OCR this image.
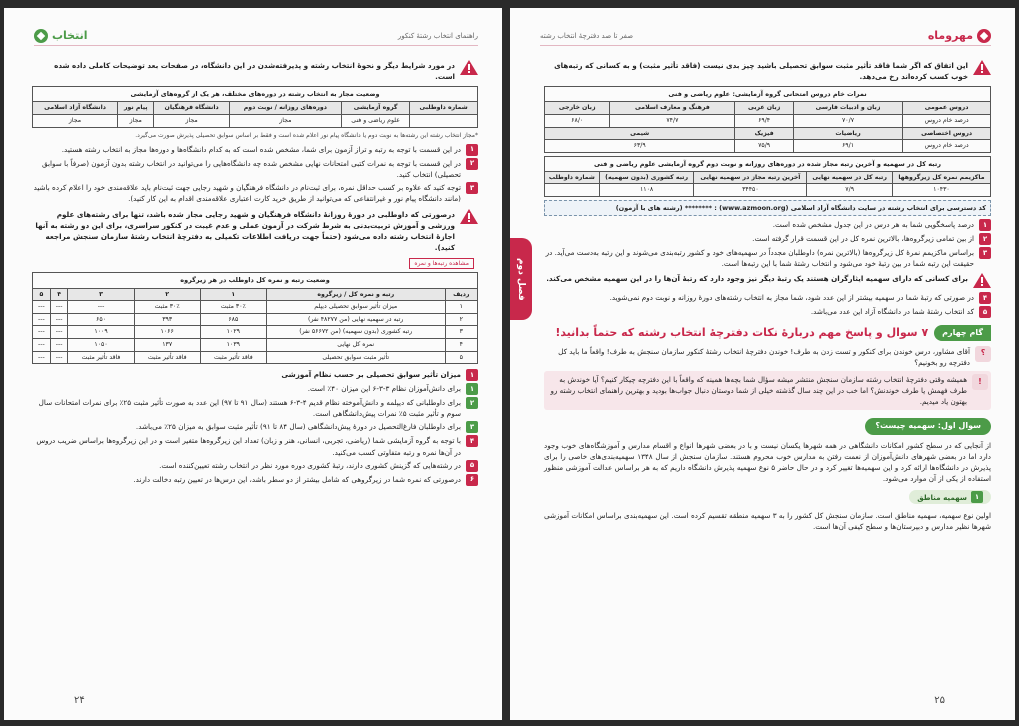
راهنمای انتخاب رشتۀ کنکور
انتخاب
در مورد شرایط دیگر و نحوۀ انتخاب رشته و پذیرفته‌شدن در این دانشگاه، در صفحات بعد توضیحات کاملی داده شده است.
وضعیت مجاز به انتخاب رشته در دوره‌های مختلف، هر یک از گروه‌های آزمایشی					
شماره داوطلبی	گروه آزمایشی	دوره‌های روزانه / نوبت دوم	دانشگاه فرهنگیان	پیام نور	دانشگاه آزاد اسلامی
	علوم ریاضی و فنی	مجاز	مجاز	مجاز	مجاز
*مجاز انتخاب رشته این رشته‌ها به نوبت دوم یا دانشگاه پیام نور اعلام شده است و فقط بر اساس سوابق تحصیلی پذیرش صورت می‌گیرد.
۱
در این قسمت با توجه به رتبه و تراز آزمون برای شما، مشخص شده است که به کدام دانشگاه‌ها و دوره‌ها مجاز به انتخاب رشته هستید.
۲
در این قسمت با توجه به نمرات کتبی امتحانات نهایی مشخص شده چه دانشگاه‌هایی را می‌توانید در انتخاب رشته بدون آزمون (صرفاً با سوابق تحصیلی) انتخاب کنید.
۳
توجه کنید که علاوه بر کسب حداقل نمره، برای ثبت‌نام در دانشگاه فرهنگیان و شهید رجایی جهت ثبت‌نام باید علاقه‌مندی خود را اعلام کرده باشید (مانند دانشگاه پیام نور و غیرانتفاعی که می‌توانید از طریق خرید کارت اعتباری علاقه‌مندی اقدام به این کار کنید).
درصورتی که داوطلبی در دورۀ روزانۀ دانشگاه فرهنگیان و شهید رجایی مجاز شده باشد، تنها برای رشته‌های علوم ورزشی و آموزش تربیت‌بدنی به شرط شرکت در آزمون عملی و عدم غیبت در کنکور سراسری، برای این دو رشته به آنها اجازۀ انتخاب رشته داده می‌شود (حتماً جهت دریافت اطلاعات تکمیلی به دفترچۀ انتخاب رشتۀ سازمان سنجش مراجعه کنید).
مشاهده رتبه‌ها و نمره
وضعیت رتبه و نمره کل داوطلب در هر زیرگروه						
ردیف	رتبه و نمره کل / زیرگروه	۱	۲	۳	۴	۵
۱	میزان تأثیر سوابق تحصیلی دیپلم	۳۰٪ مثبت	۳۰٪ مثبت	---	---	---
۲	رتبه در سهمیه نهایی (من ۴۸۲۷۷ نفر)	۶۸۵	۳۹۳	۶۵۰	---	---
۳	رتبه کشوری (بدون سهمیه) (من ۵۶۶۷۲ نفر)	۱۰۲۹	۱۰۶۶	۱۰۰۹	---	---
۴	نمره کل نهایی	۱۰۳۹	۱۳۷	۱۰۵۰	---	---
۵	تأثیر مثبت سوابق تحصیلی	فاقد تأثیر مثبت	فاقد تأثیر مثبت	فاقد تأثیر مثبت	---	---
۱
میزان تأثیر سوابق تحصیلی بر حسب نظام آموزشی
۱
برای دانش‌آموزان نظام ۳-۳-۶ این میزان ۴۰٪ است.
۲
برای داوطلبانی که دیپلمه و دانش‌آموخته نظام قدیم ۴-۳-۶ هستند (سال ۹۱ تا ۹۷) این عدد به صورت تأثیر مثبت ۲۵٪ برای نمرات امتحانات سال سوم و تأثیر مثبت ۵٪ نمرات پیش‌دانشگاهی است.
۳
برای داوطلبان فارغ‌التحصیل در دورۀ پیش‌دانشگاهی (سال ۸۴ تا ۹۱) تأثیر مثبت سوابق به میزان ۲۵٪ می‌باشد.
۴
با توجه به گروه آزمایشی شما (ریاضی، تجربی، انسانی، هنر و زبان) تعداد این زیرگروه‌ها متغیر است و در این زیرگروه‌ها براساس ضریب دروس در آن‌ها نمره و رتبه متفاوتی کسب می‌کنید.
۵
در رشته‌هایی که گزینش کشوری دارند، رتبۀ کشوری دوره مورد نظر در انتخاب رشته تعیین‌کننده است.
۶
درصورتی که نمره شما در زیرگروهی که شامل بیشتر از دو سطر باشد، این درس‌ها در تعیین رتبه دخالت دارند.
۲۴
مهروماه
صفر تا صد دفترچۀ انتخاب رشته
فصل دوم
این اتفاق که اگر شما فاقد تأثیر مثبت سوابق تحصیلی باشید چیز بدی نیست (فاقد تأثیر مثبت) و به کسانی که رتبه‌های خوب کسب کرده‌اند رخ می‌دهد.
نمرات خام دروس امتحانی گروه آزمایشی: علوم ریاضی و فنی				
دروس عمومی	زبان و ادبیات فارسی	زبان عربی	فرهنگ و معارف اسلامی	زبان خارجی
درصد خام دروس	۷۰/۷	۶۹/۴	۷۴/۷	۶۸/۰
دروس اختصاصی	ریاضیات	فیزیک	شیمی	
درصد خام دروس	۶۹/۱	۷۵/۹	۶۳/۹	
رتبه کل در سهمیه و آخرین رتبه مجاز شده در دوره‌های روزانه و نوبت دوم گروه آزمایشی علوم ریاضی و فنی				
ماکزیمم نمره کل زیرگروهها	رتبه کل در سهمیه نهایی	آخرین رتبه مجاز در سهمیه نهایی	رتبه کشوری (بدون سهمیه)	شماره داوطلب
۱۰۴۳۰	۷/۹	۳۴۴۵۰	۱۱۰۸	
کد دسترسی برای انتخاب رشته در سایت دانشگاه آزاد اسلامی (www.azmoon.org) : ******** (رشته های با آزمون)
۱
درصد پاسخگویی شما به هر درس در این جدول مشخص شده است.
۲
از بین تمامی زیرگروه‌ها، بالاترین نمره کل در این قسمت قرار گرفته است.
۳
براساس ماکزیمم نمرۀ کل زیرگروه‌ها (بالاترین نمره) داوطلبان مجدداً در سهمیه‌های خود و کشور رتبه‌بندی می‌شوند و این رتبه به‌دست می‌آید. در حقیقت این رتبه شما در بین رتبۀ خود می‌شود و انتخاب رشتۀ شما با این رتبه‌ها است.
برای کسانی که دارای سهمیه ایثارگران هستند یک رتبۀ دیگر نیز وجود دارد که رتبۀ آن‌ها را در این سهمیه مشخص می‌کند.
۴
در صورتی که رتبۀ شما در سهمیه بیشتر از این عدد شود، شما مجاز به انتخاب رشته‌های دورۀ روزانه و نوبت دوم نمی‌شوید.
۵
کد انتخاب رشتۀ شما در دانشگاه آزاد این عدد می‌باشد.
گام چهارم
۷ سوال و پاسخ مهم دربارۀ نکات دفترچۀ انتخاب رشته که حتماً بدانید!
؟
آقای مشاور، درس خوندن برای کنکور و تست زدن به طرف! خوندن دفترچۀ انتخاب رشتۀ کنکور سازمان سنجش به طرف! واقعاً ما باید کل دفترچه رو بخونیم؟
!
همیشه وقتی دفترچۀ انتخاب رشته سازمان سنجش منتشر میشه سؤال شما بچه‌ها همینه که واقعاً با این دفترچه چیکار کنیم؟ آیا خوندش به طرف فهمش یا طرف خوندنش؟ اما خب در این چند سال گذشته خیلی از شما دوستان دنبال جواب‌ها بودید و بهترین راهنمای انتخاب رشته رو بهتون یاد میدیم.
سوال اول: سهمیه چیست؟
از آنجایی که در سطح کشور امکانات دانشگاهی در همه شهرها یکسان نیست و با در بعضی شهرها انواع و اقسام مدارس و آموزشگاه‌های خوب وجود دارد اما در بعضی شهرهای دانش‌آموزان از نعمت رفتن به مدارس خوب محروم هستند. سازمان سنجش از سال ۱۳۴۸ سهمیه‌بندی‌های خاصی را برای پذیرش در دانشگاه‌ها ارائه کرد و این سهمیه‌ها تغییر کرد و در حال حاضر ۵ نوع سهمیه پذیرش دانشگاه داریم که به هر براساس عدالت آموزشی منظور استفاده از یکی از آن موارد می‌شود.
۱
سهمیه مناطق
اولین نوع سهمیه، سهمیه مناطق است. سازمان سنجش کل کشور را به ۳ سهمیه منطقه تقسیم کرده است. این سهمیه‌بندی براساس امکانات آموزشی شهرها نظیر مدارس و دبیرستان‌ها و سطح کیفی آن‌ها است.
۲۵
